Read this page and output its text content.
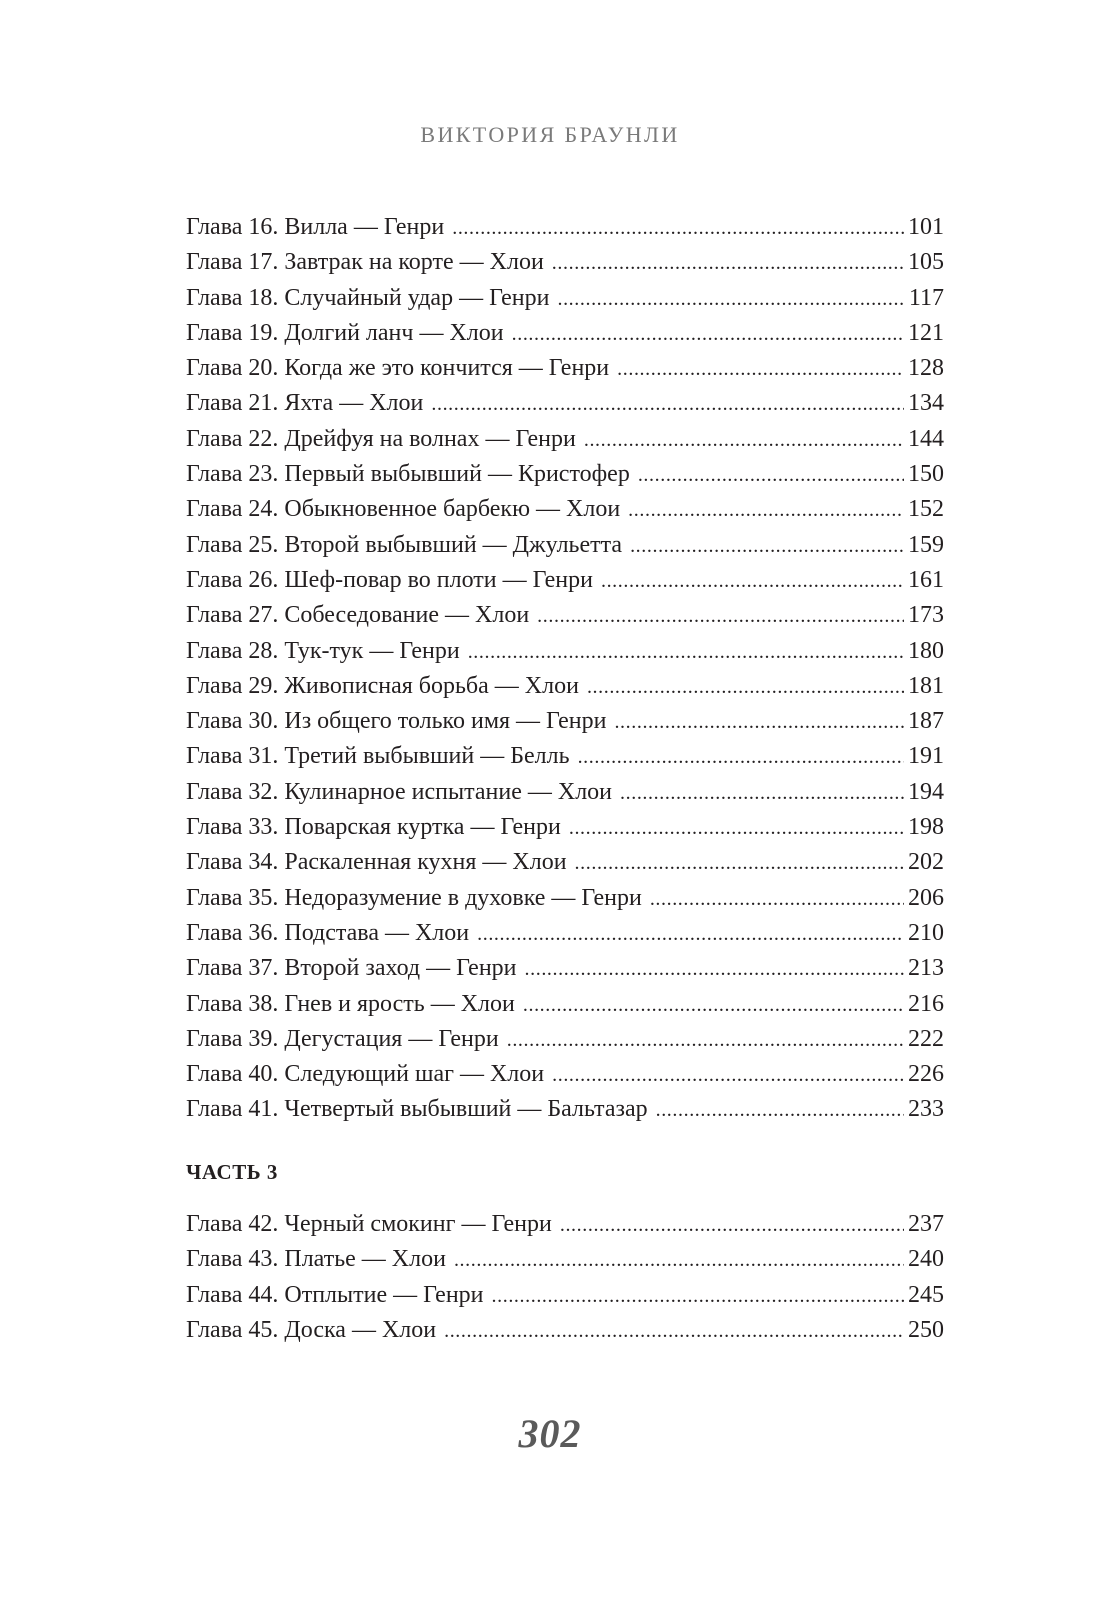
ВИКТОРИЯ БРАУНЛИ
Глава 16. Вилла — Генри .....	101
Глава 17. Завтрак на корте — Хлои .....	105
Глава 18. Случайный удар — Генри .....	117
Глава 19. Долгий ланч — Хлои .....	121
Глава 20. Когда же это кончится — Генри .....	128
Глава 21. Яхта — Хлои .....	134
Глава 22. Дрейфуя на волнах — Генри .....	144
Глава 23. Первый выбывший — Кристофер .....	150
Глава 24. Обыкновенное барбекю — Хлои .....	152
Глава 25. Второй выбывший — Джульетта .....	159
Глава 26. Шеф-повар во плоти — Генри .....	161
Глава 27. Собеседование — Хлои .....	173
Глава 28. Тук-тук — Генри .....	180
Глава 29. Живописная борьба — Хлои .....	181
Глава 30. Из общего только имя — Генри .....	187
Глава 31. Третий выбывший — Белль .....	191
Глава 32. Кулинарное испытание — Хлои .....	194
Глава 33. Поварская куртка — Генри .....	198
Глава 34. Раскаленная кухня — Хлои .....	202
Глава 35. Недоразумение в духовке — Генри .....	206
Глава 36. Подстава — Хлои .....	210
Глава 37. Второй заход — Генри .....	213
Глава 38. Гнев и ярость — Хлои .....	216
Глава 39. Дегустация — Генри .....	222
Глава 40. Следующий шаг — Хлои .....	226
Глава 41. Четвертый выбывший — Бальтазар .....	233
ЧАСТЬ 3
Глава 42. Черный смокинг — Генри .....	237
Глава 43. Платье — Хлои .....	240
Глава 44. Отплытие — Генри .....	245
Глава 45. Доска — Хлои .....	250
302
